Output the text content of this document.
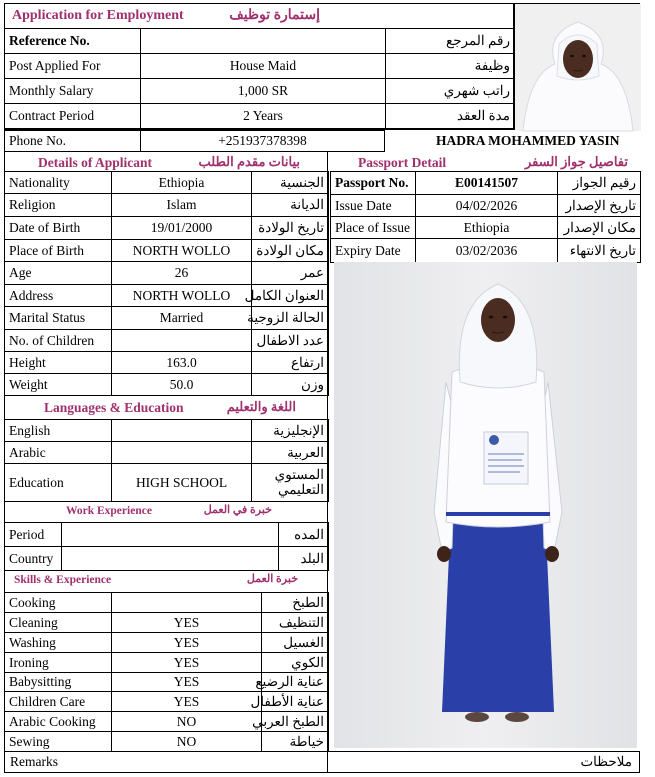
Application for Employment	إستمارة توظيف
Reference No.		رقم المرجع
Post Applied For	House Maid	وظيفة
Monthly Salary	1,000 SR	راتب شهري
Contract Period	2 Years	مدة العقد
Phone No.	+251937378398	HADRA MOHAMMED YASIN
Details of Applicant	بيانات مقدم الطلب
Nationality	Ethiopia	الجنسية
Religion	Islam	الديانة
Date of Birth	19/01/2000	تاريخ الولادة
Place of Birth	NORTH WOLLO	مكان الولادة
Age	26	عمر
Address	NORTH WOLLO	العنوان الكامل
Marital Status	Married	الحالة الزوجية
No. of Children		عدد الاطفال
Height	163.0	ارتفاع
Weight	50.0	وزن
Languages & Education	اللغة والتعليم
English		الإنجليزية
Arabic		العربية
Education	HIGH SCHOOL	المستوي التعليمي
Work Experience	خبرة في العمل
Period		المده
Country		البلد
Skills & Experience	خبرة العمل
Cooking		الطبخ
Cleaning	YES	التنظيف
Washing	YES	الغسيل
Ironing	YES	الكوي
Babysitting	YES	عناية الرضيع
Children Care	YES	عناية الأطفال
Arabic Cooking	NO	الطبخ العربي
Sewing	NO	خياطة
Remarks	ملاحظات
Passport Detail	تفاصيل جواز السفر
Passport No.	E00141507	رقيم الجواز
Issue Date	04/02/2026	تاريخ الإصدار
Place of Issue	Ethiopia	مكان الإصدار
Expiry Date	03/02/2036	تاريخ الانتهاء
